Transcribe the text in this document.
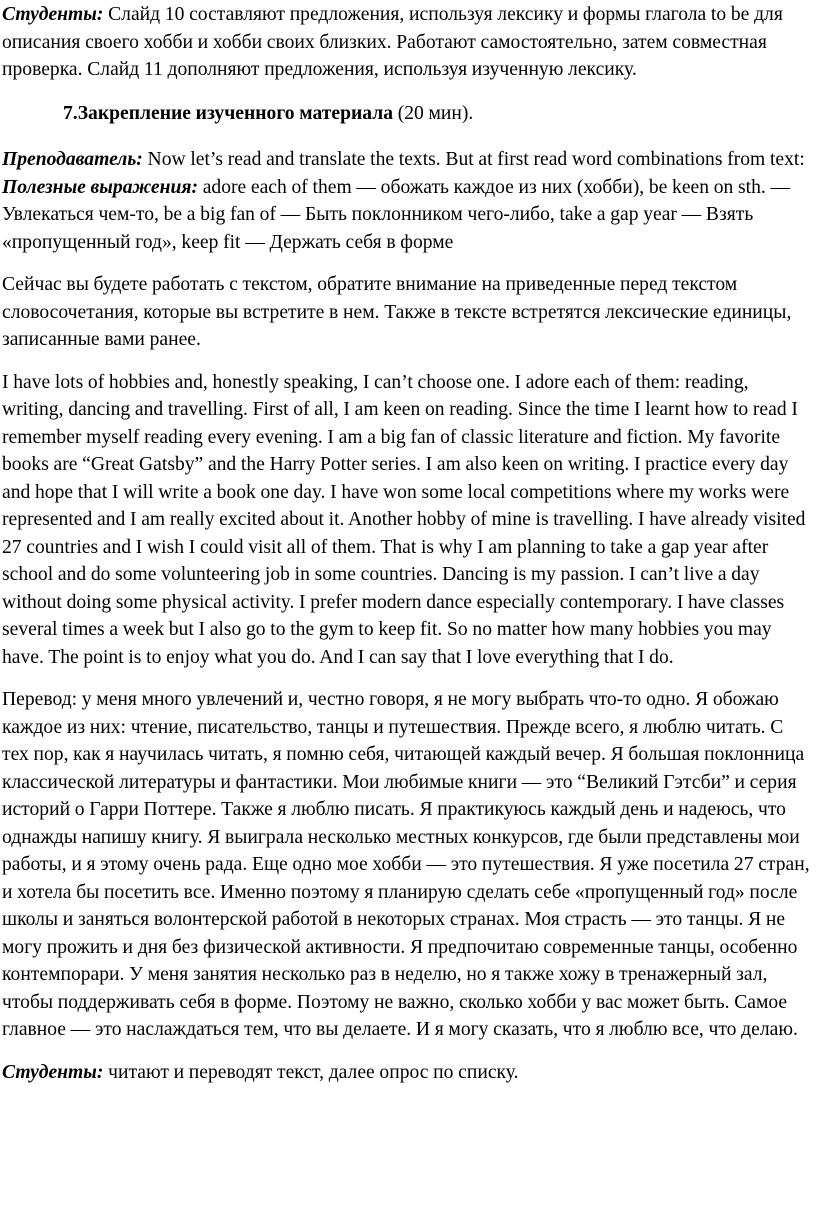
Студенты: Слайд 10 составляют предложения, используя лексику и формы глагола to be для описания своего хобби и хобби своих близких. Работают самостоятельно, затем совместная проверка. Слайд 11 дополняют предложения, используя изученную лексику.

7.Закрепление изученного материала (20 мин).

Преподаватель: Now let’s read and translate the texts. But at first read word combinations from text: Полезные выражения: adore each of them — обожать каждое из них (хобби), be keen on sth. — Увлекаться чем-то, be a big fan of — Быть поклонником чего-либо, take a gap year — Взять «пропущенный год», keep fit — Держать себя в форме

Сейчас вы будете работать с текстом, обратите внимание на приведенные перед текстом словосочетания, которые вы встретите в нем. Также в тексте встретятся лексические единицы, записанные вами ранее.

I have lots of hobbies and, honestly speaking, I can’t choose one. I adore each of them: reading, writing, dancing and travelling. First of all, I am keen on reading. Since the time I learnt how to read I remember myself reading every evening. I am a big fan of classic literature and fiction. My favorite books are “Great Gatsby” and the Harry Potter series. I am also keen on writing. I practice every day and hope that I will write a book one day. I have won some local competitions where my works were represented and I am really excited about it. Another hobby of mine is travelling. I have already visited 27 countries and I wish I could visit all of them. That is why I am planning to take a gap year after school and do some volunteering job in some countries. Dancing is my passion. I can’t live a day without doing some physical activity. I prefer modern dance especially contemporary. I have classes several times a week but I also go to the gym to keep fit. So no matter how many hobbies you may have. The point is to enjoy what you do. And I can say that I love everything that I do.

Перевод: у меня много увлечений и, честно говоря, я не могу выбрать что-то одно. Я обожаю каждое из них: чтение, писательство, танцы и путешествия. Прежде всего, я люблю читать. С тех пор, как я научилась читать, я помню себя, читающей каждый вечер. Я большая поклонница классической литературы и фантастики. Мои любимые книги — это “Великий Гэтсби” и серия историй о Гарри Поттере. Также я люблю писать. Я практикуюсь каждый день и надеюсь, что однажды напишу книгу. Я выиграла несколько местных конкурсов, где были представлены мои работы, и я этому очень рада. Еще одно мое хобби — это путешествия. Я уже посетила 27 стран, и хотела бы посетить все. Именно поэтому я планирую сделать себе «пропущенный год» после школы и заняться волонтерской работой в некоторых странах. Моя страсть — это танцы. Я не могу прожить и дня без физической активности. Я предпочитаю современные танцы, особенно контемпорари. У меня занятия несколько раз в неделю, но я также хожу в тренажерный зал, чтобы поддерживать себя в форме. Поэтому не важно, сколько хобби у вас может быть. Самое главное — это наслаждаться тем, что вы делаете. И я могу сказать, что я люблю все, что делаю.

Студенты: читают и переводят текст, далее опрос по списку.
